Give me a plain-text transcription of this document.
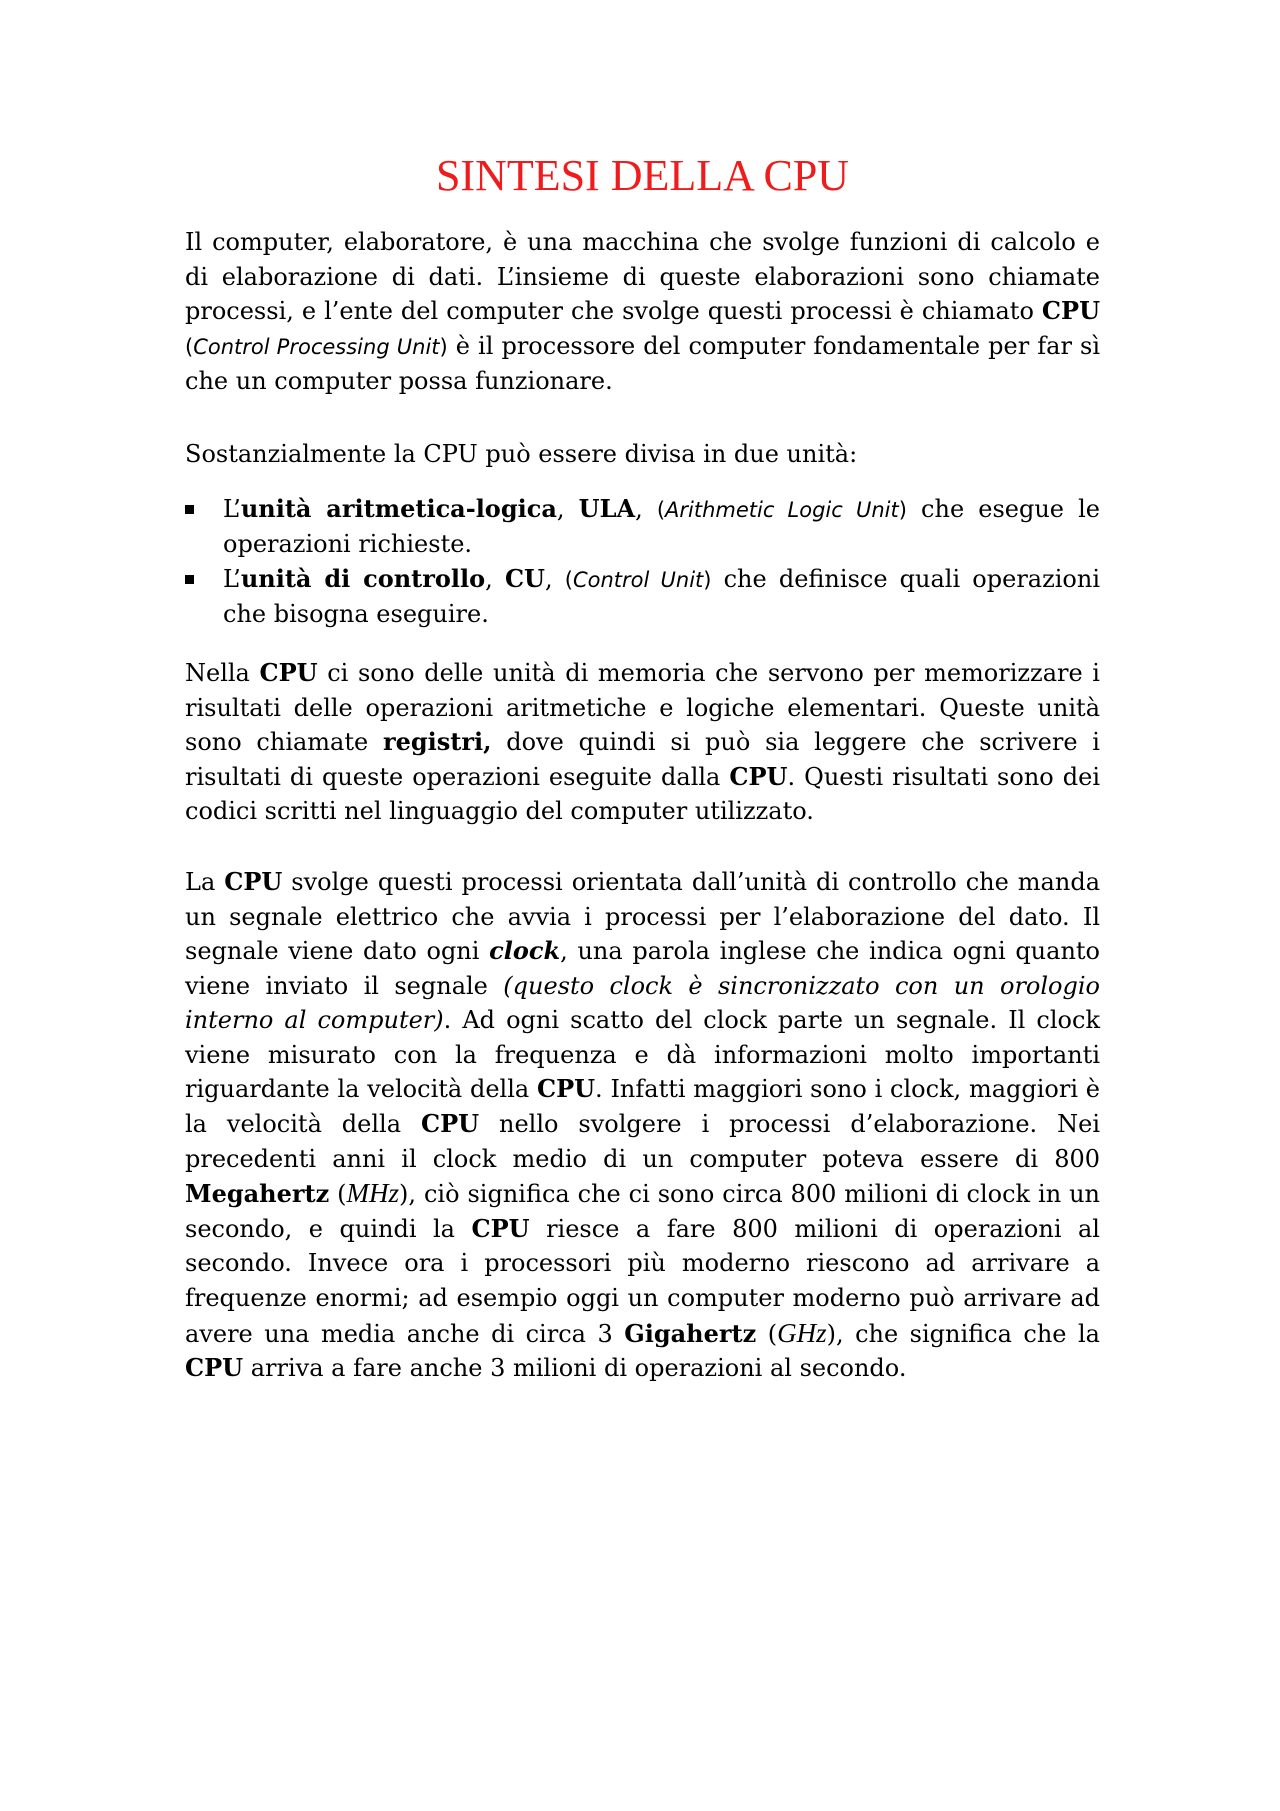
SINTESI DELLA CPU

Il computer, elaboratore, è una macchina che svolge funzioni di calcolo e di elaborazione di dati. L’insieme di queste elaborazioni sono chiamate processi, e l’ente del computer che svolge questi processi è chiamato CPU (Control Processing Unit) è il processore del computer fondamentale per far sì che un computer possa funzionare.

Sostanzialmente la CPU può essere divisa in due unità:

L’unità aritmetica-logica, ULA, (Arithmetic Logic Unit) che esegue le operazioni richieste.
L’unità di controllo, CU, (Control Unit) che definisce quali operazioni che bisogna eseguire.

Nella CPU ci sono delle unità di memoria che servono per memorizzare i risultati delle operazioni aritmetiche e logiche elementari. Queste unità sono chiamate registri, dove quindi si può sia leggere che scrivere i risultati di queste operazioni eseguite dalla CPU. Questi risultati sono dei codici scritti nel linguaggio del computer utilizzato.

La CPU svolge questi processi orientata dall’unità di controllo che manda un segnale elettrico che avvia i processi per l’elaborazione del dato. Il segnale viene dato ogni clock, una parola inglese che indica ogni quanto viene inviato il segnale (questo clock è sincronizzato con un orologio interno al computer). Ad ogni scatto del clock parte un segnale. Il clock viene misurato con la frequenza e dà informazioni molto importanti riguardante la velocità della CPU. Infatti maggiori sono i clock, maggiori è la velocità della CPU nello svolgere i processi d’elaborazione. Nei precedenti anni il clock medio di un computer poteva essere di 800 Megahertz (MHz), ciò significa che ci sono circa 800 milioni di clock in un secondo, e quindi la CPU riesce a fare 800 milioni di operazioni al secondo. Invece ora i processori più moderno riescono ad arrivare a frequenze enormi; ad esempio oggi un computer moderno può arrivare ad avere una media anche di circa 3 Gigahertz (GHz), che significa che la CPU arriva a fare anche 3 milioni di operazioni al secondo.
